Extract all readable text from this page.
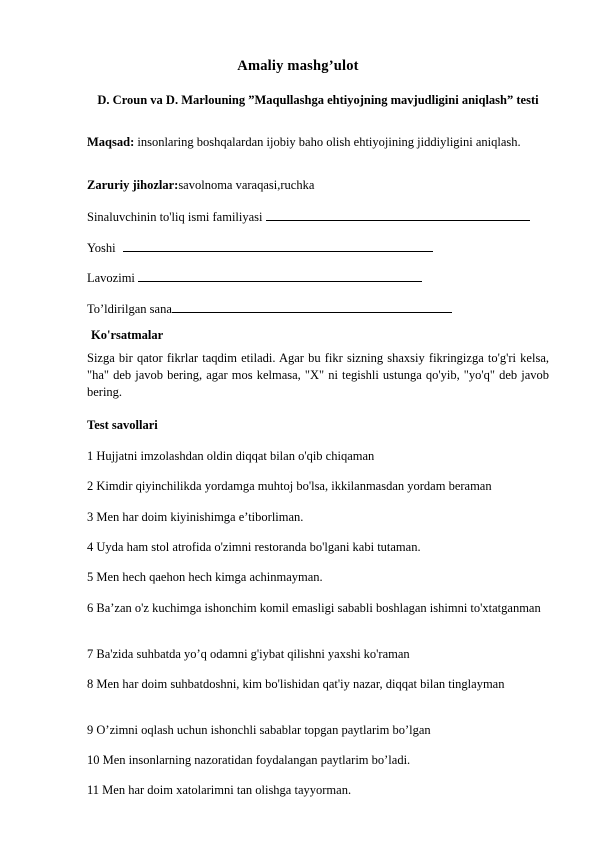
Amaliy mashg’ulot
D. Croun va D. Marlouning ”Maqullashga ehtiyojning mavjudligini aniqlash” testi
Maqsad: insonlaring boshqalardan ijobiy baho olish ehtiyojining jiddiyligini aniqlash.
Zaruriy jihozlar:savolnoma varaqasi,ruchka
Sinaluvchinin to'liq ismi familiyasi
Yoshi
Lavozimi
To’ldirilgan sana
Ko'rsatmalar
Sizga bir qator fikrlar taqdim etiladi. Agar bu fikr sizning shaxsiy fikringizga to'g'ri kelsa, "ha" deb javob bering, agar mos kelmasa, "X" ni tegishli ustunga qo'yib, "yo'q" deb javob bering.
Test savollari
1 Hujjatni imzolashdan oldin diqqat bilan o'qib chiqaman
2 Kimdir qiyinchilikda yordamga muhtoj bo'lsa, ikkilanmasdan yordam beraman
3 Men har doim kiyinishimga e’tiborliman.
4 Uyda ham stol atrofida o'zimni restoranda bo'lgani kabi tutaman.
5 Men hech qaehon hech kimga achinmayman.
6 Ba’zan o'z kuchimga ishonchim komil emasligi sababli boshlagan ishimni to'xtatganman
7 Ba'zida suhbatda yo’q odamni g'iybat qilishni yaxshi ko'raman
8 Men har doim suhbatdoshni, kim bo'lishidan qat'iy nazar, diqqat bilan tinglayman
9 O’zimni oqlash uchun ishonchli sabablar topgan paytlarim bo’lgan
10 Men insonlarning nazoratidan foydalangan paytlarim bo’ladi.
11 Men har doim xatolarimni tan olishga tayyorman.
